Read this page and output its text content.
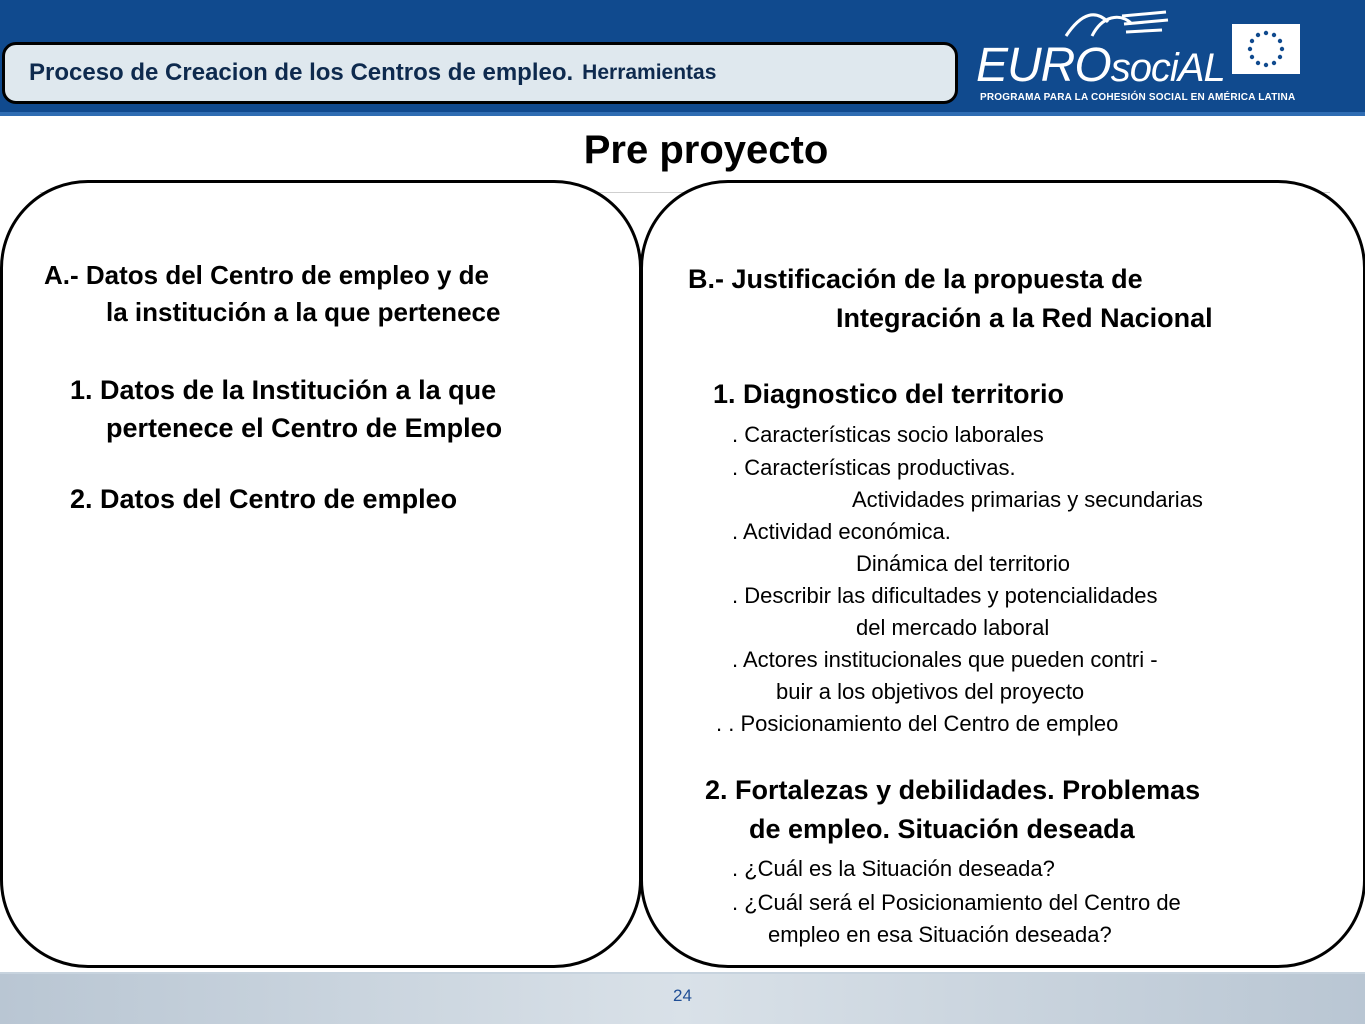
Proceso de Creacion de los Centros de empleo. Herramientas	EUROsociAL
PROGRAMA PARA LA COHESIÓN SOCIAL EN AMÉRICA LATINA
Pre proyecto
A.- Datos del Centro de empleo y de
la institución a la que pertenece
1. Datos de la Institución a la que
pertenece el Centro de Empleo
2. Datos del Centro de empleo
B.- Justificación de la propuesta de
Integración a la Red Nacional
1. Diagnostico del territorio
. Características socio laborales
. Características productivas.
Actividades primarias y secundarias
. Actividad económica.
Dinámica del territorio
. Describir las dificultades y potencialidades
del mercado laboral
. Actores institucionales que pueden contri -
buir a los objetivos del proyecto
. . Posicionamiento del Centro de empleo
2. Fortalezas y debilidades. Problemas
de empleo. Situación deseada
. ¿Cuál es la Situación deseada?
. ¿Cuál será el Posicionamiento del Centro de
empleo en esa Situación deseada?
24
